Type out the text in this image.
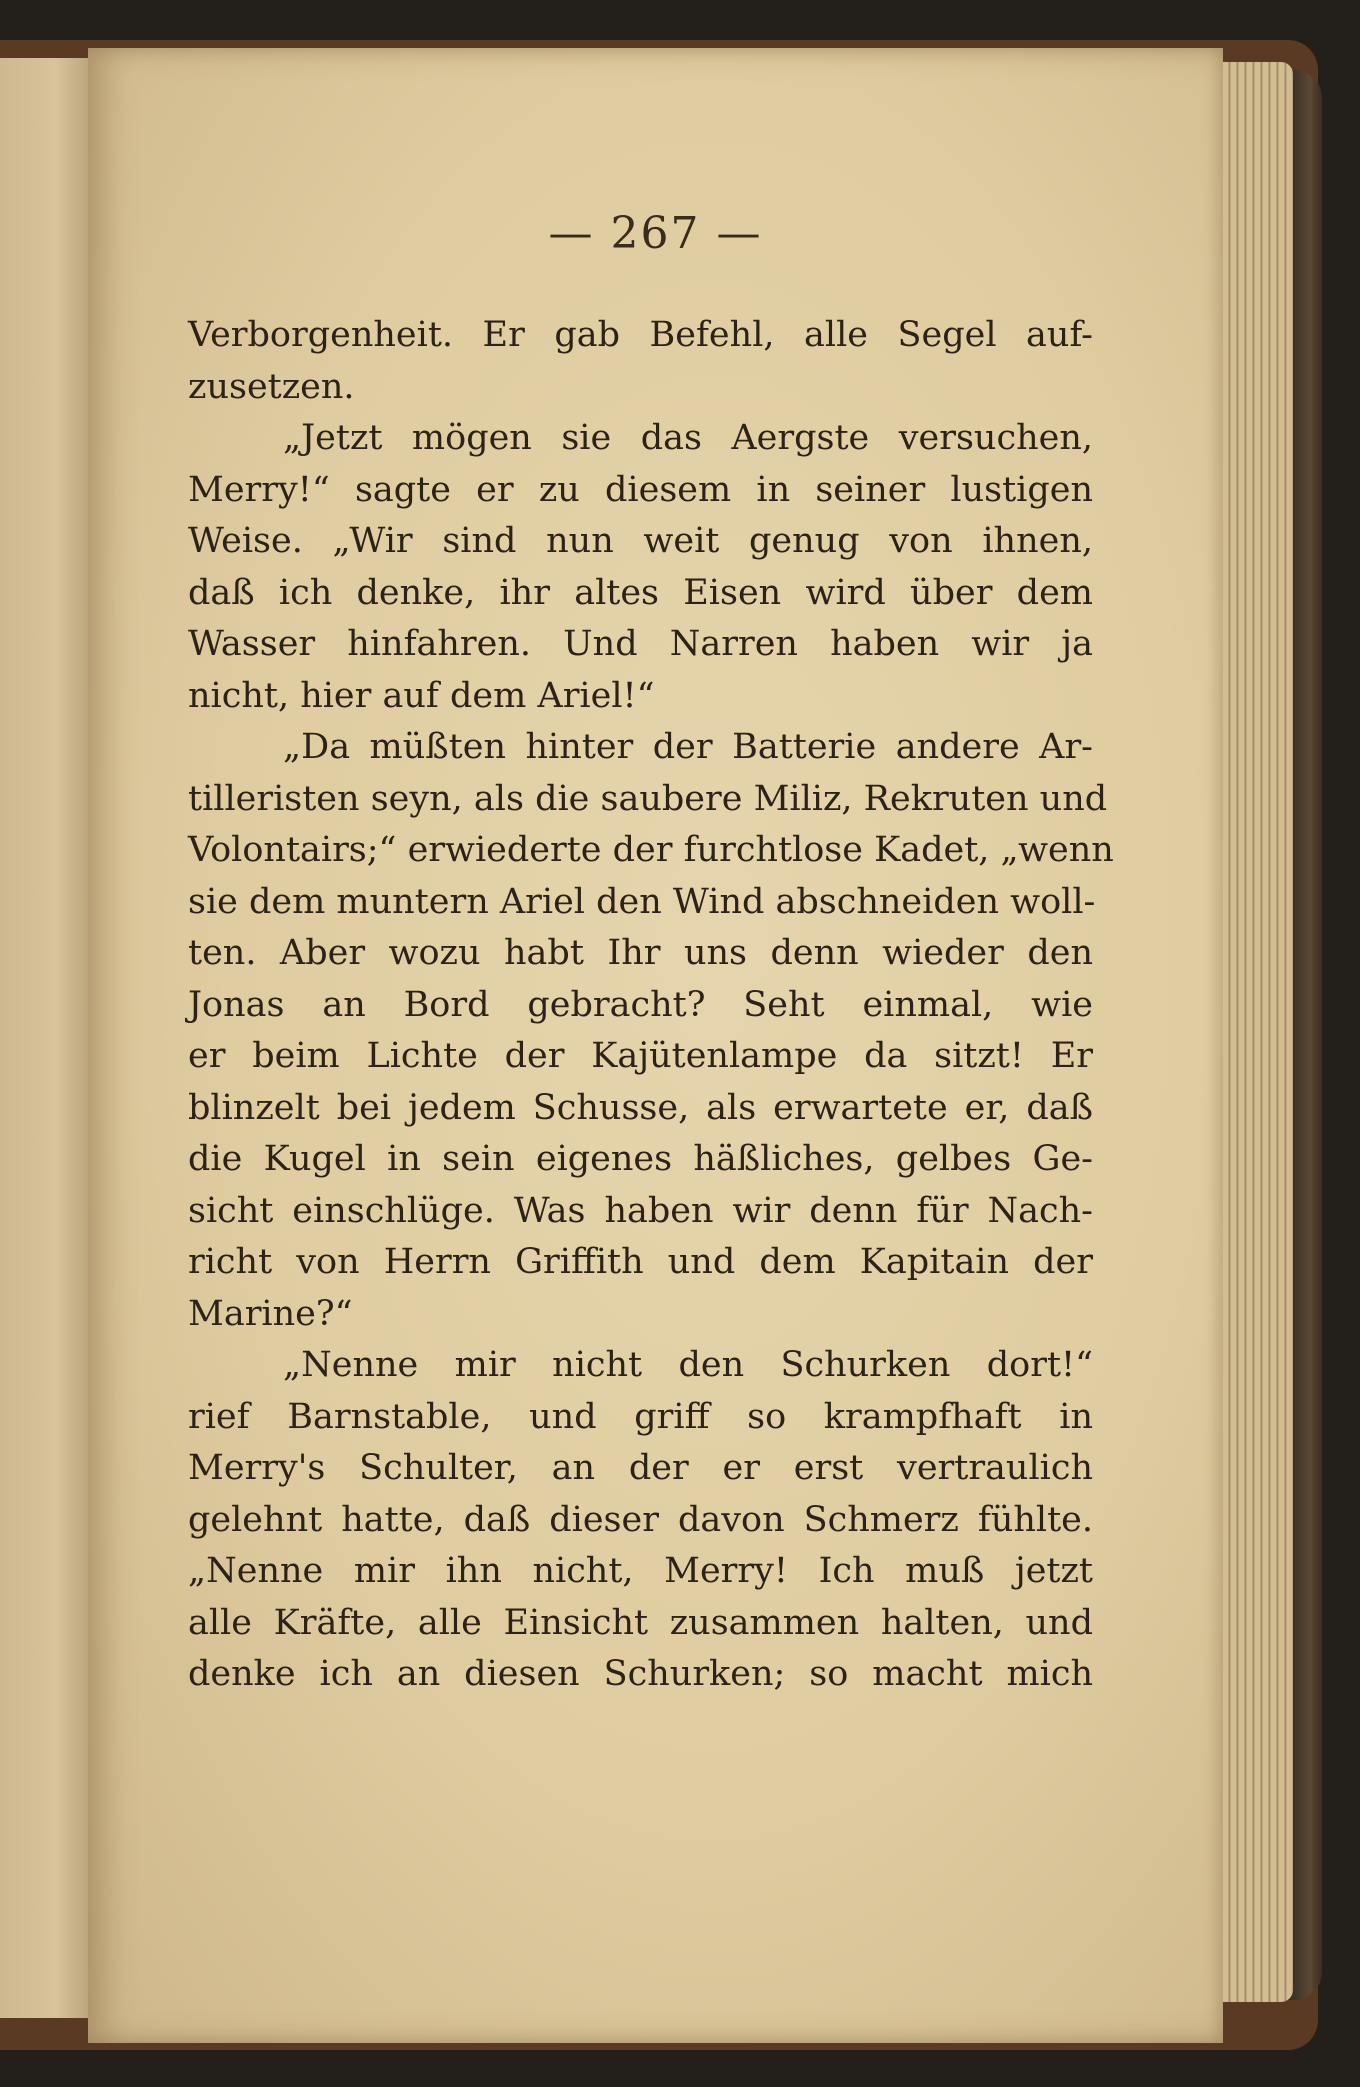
— 267 —
Verborgenheit. Er gab Befehl, alle Segel auf-
zusetzen.
„Jetzt mögen sie das Aergste versuchen,
Merry!“ sagte er zu diesem in seiner lustigen
Weise. „Wir sind nun weit genug von ihnen,
daß ich denke, ihr altes Eisen wird über dem
Wasser hinfahren. Und Narren haben wir ja
nicht, hier auf dem Ariel!“
„Da müßten hinter der Batterie andere Ar-
tilleristen seyn, als die saubere Miliz, Rekruten und
Volontairs;“ erwiederte der furchtlose Kadet, „wenn
sie dem muntern Ariel den Wind abschneiden woll-
ten. Aber wozu habt Ihr uns denn wieder den
Jonas an Bord gebracht? Seht einmal, wie
er beim Lichte der Kajütenlampe da sitzt! Er
blinzelt bei jedem Schusse, als erwartete er, daß
die Kugel in sein eigenes häßliches, gelbes Ge-
sicht einschlüge. Was haben wir denn für Nach-
richt von Herrn Griffith und dem Kapitain der
Marine?“
„Nenne mir nicht den Schurken dort!“
rief Barnstable, und griff so krampfhaft in
Merry's Schulter, an der er erst vertraulich
gelehnt hatte, daß dieser davon Schmerz fühlte.
„Nenne mir ihn nicht, Merry! Ich muß jetzt
alle Kräfte, alle Einsicht zusammen halten, und
denke ich an diesen Schurken; so macht mich
